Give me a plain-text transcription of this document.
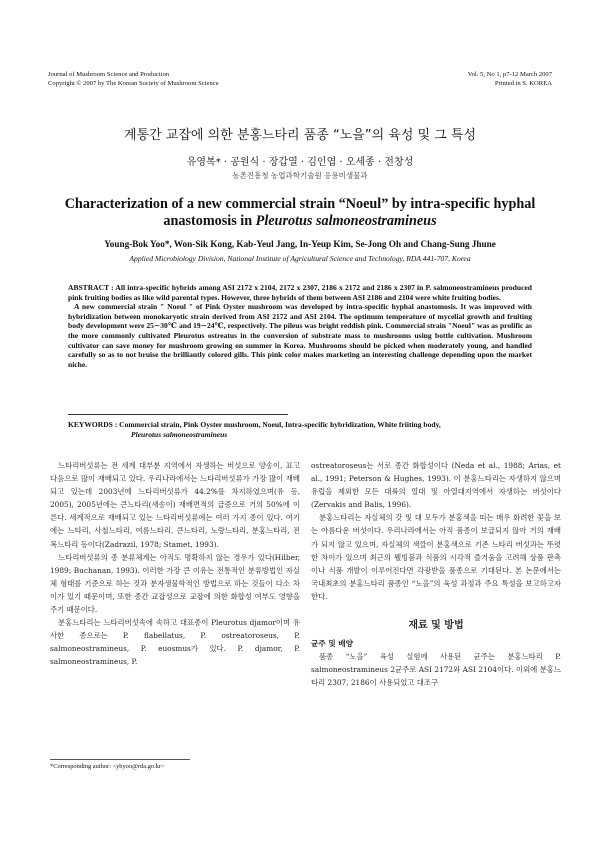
Journal of Mushroom Science and Production
Copyright © 2007 by The Korean Society of Mushroom Science
Vol. 5, No 1, p7-12 March 2007
Printed in S. KOREA
계통간 교잡에 의한 분홍느타리 품종 “노을”의 육성 및 그 특성
유영복* · 공원식 · 장갑열 · 김인엽 · 오세종 · 전창성
농촌진흥청 농업과학기술원 응용미생물과
Characterization of a new commercial strain “Noeul” by intra-specific hyphal
anastomosis in Pleurotus salmoneostramineus
Young-Bok Yoo*, Won-Sik Kong, Kab-Yeul Jang, In-Yeup Kim, Se-Jong Oh and Chang-Sung Jhune
Applied Microbiology Division, National Institute of Agricultural Science and Technology, RDA 441-707, Korea

ABSTRACT : All intra-specific hybrids among ASI 2172 x 2104, 2172 x 2307, 2186 x 2172 and 2186 x 2307 in P. salmoneostramineus produced pink fruiting bodies as like wild parental types. However, three hybrids of them between ASI 2186 and 2104 were white fruiting bodies.

A new commercial strain " Noeul " of Pink Oyster mushroom was developed by intra-specific hyphal anastomosis. It was improved with hybridization between monokaryotic strain derived from ASI 2172 and ASI 2104. The optimum temperature of mycelial growth and fruiting body development were 25∼30℃ and 19∼24℃, respectively. The pileus was bright reddish pink. Commercial strain "Noeul" was as prolific as the more commonly cultivated Pleurotus ostreatus in the conversion of substrate mass to mushrooms using bottle cultivation. Mushroom cultivator can save money for mushroom growing on summer in Korea. Mushrooms should be picked when moderately young, and handled carefully so as to not bruise the brilliantly colored gills. This pink color makes marketing an interesting challenge depending upon the market niche.

KEYWORDS : Commercial strain, Pink Oyster mushroom, Noeul, Intra-specific hybridization, White friiting body,
Pleurotus salmoneostramineus

느타리버섯류는 전 세계 대부분 지역에서 자생하는 버섯으로 양송이, 표고 다음으로 많이 재배되고 있다. 우리나라에서는 느타리버섯류가 가장 많이 재배되고 있는데 2003년에 느타리버섯류가 44.2%를 차지하였으며(유 등, 2005), 2005년에는 큰느타리(새송이) 재배면적의 급증으로 거의 50%에 이른다. 세계적으로 재배되고 있는 느타리버섯류에는 여러 가지 종이 있다. 여기에는 느타리, 사철느타리, 여름느타리, 큰느타리, 노랑느타리, 분홍느타리, 전복느타리 등이다(Zadrazil, 1978; Stamet, 1993).

느타리버섯류의 종 분류체계는 아직도 명확하지 않는 경우가 있다(Hilber, 1989; Buchanan, 1993). 이러한 가장 큰 이유는 전통적인 분류방법인 자실체 형태를 기준으로 하는 것과 분자생물학적인 방법으로 하는 것들이 다소 차이가 있기 때문이며, 또한 종간 교잡성으로 교잡에 의한 화합성 여부도 영향을 주기 때문이다.

분홍느타리는 느타리버섯속에 속하고 대표종이 Pleurotus djamor이며 유사한 종으로는 P. flabellatus, P. ostreatoroseus, P. salmoneostramineus, P. euosmus가 있다. P. djamor, P. salmoneostramineus, P.

ostreatoroseus는 서로 종간 화합성이다 (Neda et al., 1988; Arias, et al., 1991; Peterson & Hughes, 1993). 이 분홍느타리는 자생하지 않으며 유럽을 제외한 모든 대륙의 열대 및 아열대지역에서 자생하는 버섯이다 (Zervakis and Balis, 1996).

분홍느타리는 자실체의 갓 및 대 모두가 분홍색을 띠는 매우 화려한 꽃을 보는 아름다운 버섯이다. 우리나라에서는 아직 품종이 보급되지 않아 거의 재배가 되지 않고 있으며, 자실체의 색깔이 분홍색으로 기존 느타리 버섯과는 뚜렷한 차이가 있으며 최근의 웰빙붐과 식품의 시각적 즐거움을 고려해 상품 판촉이나 식품 개발이 이루어진다면 각광받을 품종으로 기대된다. 본 논문에서는 국내최초의 분홍느타리 품종인 “노을”의 육성 과정과 주요 특성을 보고하고자 한다.

재료 및 방법
균주 및 배양

품종 “노을” 육성 실험에 사용된 균주는 분홍느타리 P. salmoneostramineus 2균주로 ASI 2172와 ASI 2104이다. 이외에 분홍느타리 2307, 2186이 사용되었고 대조구

*Corresponding author: <ybyoo@rda.go.kr>
